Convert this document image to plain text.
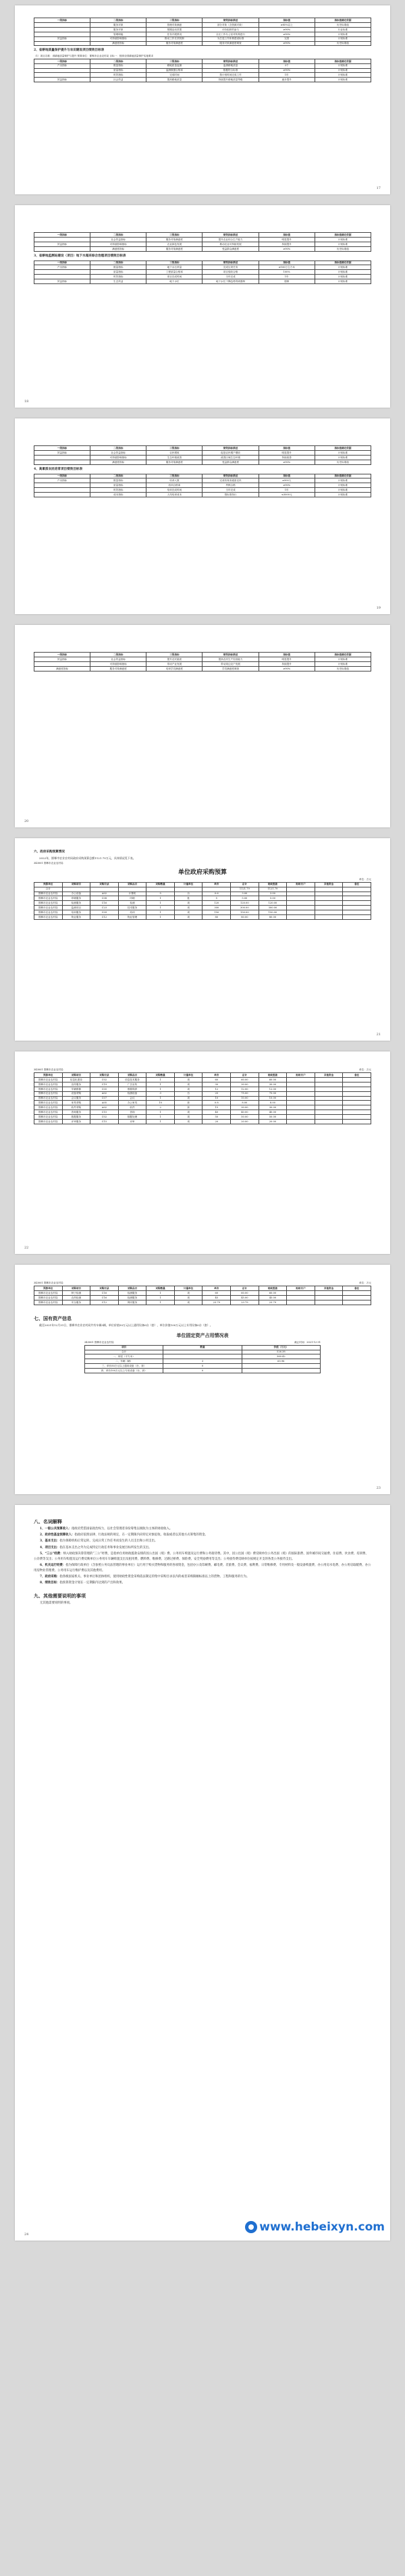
一级指标	二级指标	三级指标	绩效指标描述	指标值	指标值确定依据
	服务对象	管理对象满意	部分对象（含资源对象）	≥85%以上	历史标准值
	服务对象	预期活动效果	评价组织的参与	≥90%	行业标准
	管理职能	任务开展情况	全区工作办公室对机构进行	≥90%	计划标准
效益指标	可持续影响指标	推动工作长效机制	为打造工作体系建设标准	完善	计划标准
	满意度指标	服务对象满意度	服务对象满意度调查	≥90%	历史标准值
2、省耕地质量保护提升与农田建设项目绩效目标表
（1）项目名称：省耕地质量保护与提升 预算单位：邯郸市农业农村局 目标一：按照全国耕地质量保护实施要求
一级指标	二级指标	三级指标	绩效指标描述	指标值	指标值确定依据
产出指标	数量指标	耕地质量监测	监测耕地质量	2个	计划标准
	质量指标	监测数据合格率	数据符合标准	≥90%	计划标准
	时效指标	完成时间	按计划时间完成工作	1年	计划标准
效益指标	社会效益	提高耕地质量	持续提升耕地质量等级	逐步提升	计划标准
17
一级指标	二级指标	三级指标	绩效指标描述	指标值	指标值确定依据
	社会效益指标	服务对象满意度	提升农业综合生产能力	明显提升	计划标准
效益指标	可持续影响指标	农业绿色发展	推动农业可持续发展	持续提升	计划标准
	满意度指标	服务对象满意度	受益群众满意度	≥90%	历史标准值
3、省耕地监测站建设（项目）地下水超采综合治理项目绩效目标表
一级指标	二级指标	三级指标	绩效指标描述	指标值	指标值确定依据
产出指标	数量指标	地下水压采量	完成压采任务	≥100万立方米	计划标准
	质量指标	工程质量合格率	项目验收合格	100%	计划标准
	时效指标	项目完成时间	当年完成	1年	计划标准
效益指标	生态效益	地下水位	地下水位下降趋势得到遏制	遏制	计划标准
18
一级指标	二级指标	三级指标	绩效指标描述	指标值	指标值确定依据
效益指标	社会效益指标	农民增收	促进农民增产增收	明显提升	计划标准
	可持续影响指标	生态环境改善	改善区域生态环境	持续改善	计划标准
	满意度指标	服务对象满意度	受益群众满意度	≥90%	历史标准值
4、高素质农民培育项目绩效目标表
一级指标	二级指标	三级指标	绩效指标描述	指标值	指标值确定依据
产出指标	数量指标	培训人数	完成培育高素质农民	≥500人	计划标准
	质量指标	培训合格率	考核合格	≥90%	计划标准
	时效指标	培训完成时间	当年完成	1年	计划标准
	成本指标	人均培训成本	按标准执行	≤3000元	计划标准
19
一级指标	二级指标	三级指标	绩效指标描述	指标值	指标值确定依据
效益指标	社会效益指标	提升农民素质	提高农民生产经营能力	明显提升	计划标准
	可持续影响指标	带动产业发展	带动周边农户发展	持续提升	计划标准
满意度指标	服务对象满意度	培训学员满意度	学员满意度调查	≥90%	历史标准值
20
六、政府采购预算情况
2022年，邯郸市农业农村局政府采购预算总额1121.79万元，具体情况见下表。
343001 邯郸市农业农村局
单位政府采购预算
单位：万元
预算单位	采购项目	采购目录	采购品目	采购数量	计量单位	单价	总计	财政拨款	财政专户	其他资金	备注
合计							1121.79	1121.79			
邯郸市农业农村局	办公设备	A02	计算机	5	台	0.6	3.00	3.00			
邯郸市农业农村局	印刷服务	C08	印刷	1	批	5	5.00	5.00			
邯郸市农业农村局	检测服务	C16	检测	1	项	120	120.00	120.00			
邯郸市农业农村局	监测项目	C23	技术服务	1	项	300	300.00	300.00			
邯郸市农业农村局	培训服务	C09	培训	1	项	150	150.00	150.00			
邯郸市农业农村局	物业服务	C12	物业管理	1	项	80	80.00	80.00			
21
343001 邯郸市农业农村局	单位：万元
预算单位	采购项目	采购目录	采购品目	采购数量	计量单位	单价	总计	财政拨款	财政专户	其他资金	备注
邯郸市农业农村局	信息化建设	C02	信息技术服务	1	项	60	60.00	60.00			
邯郸市农业农村局	宣传服务	C19	广告宣传	1	项	30	30.00	30.00			
邯郸市农业农村局	车辆维修	C05	维修保养	1	项	12	12.00	12.00			
邯郸市农业农村局	设备采购	A02	检测设备	3	台	25	75.00	75.00			
邯郸市农业农村局	会议服务	C07	会议	1	项	10	10.00	10.00			
邯郸市农业农村局	家具采购	A05	办公家具	10	套	0.8	8.00	8.00			
邯郸市农业农村局	软件采购	A02	软件	2	套	15	30.00	30.00			
邯郸市农业农村局	咨询服务	C15	咨询	1	项	40	40.00	40.00			
邯郸市农业农村局	数据服务	C02	数据处理	1	项	50	50.00	50.00			
邯郸市农业农村局	评审服务	C15	评审	1	项	20	20.00	20.00			
22
343001 邯郸市农业农村局	单位：万元
预算单位	采购项目	采购目录	采购品目	采购数量	计量单位	单价	总计	财政拨款	财政专户	其他资金	备注
邯郸市农业农村局	种子检测	C16	检测服务	1	项	60	60.00	60.00			
邯郸市农业农村局	农药检测	C16	检测服务	1	项	45	45.00	45.00			
邯郸市农业农村局	安全服务	C12	保安服务	1	项	23.79	23.79	23.79			
七、国有资产信息
截至2021年12月31日，邯郸市农业农村局共有车辆3辆，单位价值50万元以上通用设备0台（套），单位价值100万元以上专用设备0台（套）。
单位固定资产占用情况表
343001 邯郸市农业农村局	截止时间：2021-12-31
项目	数量	价值（万元）
合计		526.38
一、房屋（平方米）		360.42
二、车辆（辆）	3	65.96
三、单价50万元以上通用设备（台，套）	0	
四、单价100万元以上专用设备（台，套）	0	
23
八、名词解释
1、一般公共预算收入：指政府凭借国家政治权力，以社会管理者身份筹集以税收为主体的财政收入。
2、政府性基金预算收入：指政府依照法律、行政法规的规定，在一定期限内向特定对象征收、收取或者以其他方式筹集的资金。
3、基本支出：指为保障机构正常运转、完成日常工作任务而发生的人员支出和公用支出。
4、项目支出：指在基本支出之外为完成特定行政任务和事业发展目标所发生的支出。
5、“三公”经费：纳入财政预决算管理的“三公”经费，是指单位用财政拨款安排的因公出国（境）费、公务用车购置及运行费和公务接待费。其中，因公出国（境）费反映单位公务出国（境）的国际旅费、国外城市间交通费、住宿费、伙食费、培训费、公杂费等支出；公务用车购置及运行费反映单位公务用车车辆购置支出及租用费、燃料费、维修费、过路过桥费、保险费、安全奖励费用等支出；公务接待费反映单位按规定开支的各类公务接待支出。
6、机关运行经费：指为保障行政单位（含参照公务员法管理的事业单位）运行用于购买货物和服务的各项资金，包括办公及印刷费、邮电费、差旅费、会议费、福利费、日常维修费、专用材料及一般设备购置费、办公用房水电费、办公用房取暖费、办公用房物业管理费、公务用车运行维护费以及其他费用。
7、政府采购：指各级国家机关、事业单位和团体组织，使用财政性资金采购依法制定的集中采购目录以内的或者采购限额标准以上的货物、工程和服务的行为。
8、绩效目标：指预算资金计划在一定期限内达到的产出和效果。
九、其他需要说明的事项
无其他需要说明的事项。
24
www.hebeixyn.com
